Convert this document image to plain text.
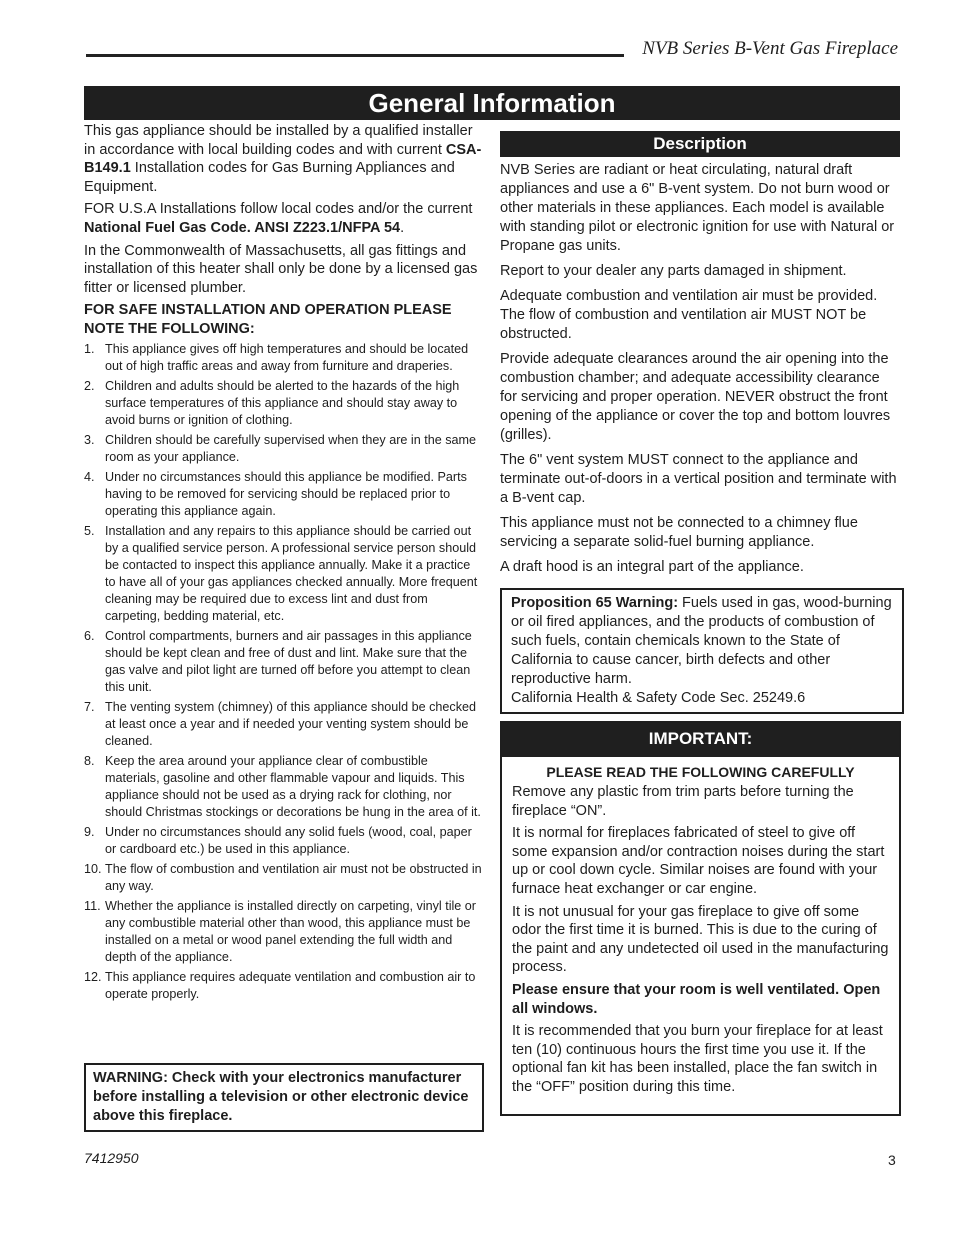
NVB Series B-Vent Gas Fireplace
General Information

This gas appliance should be installed by a qualified installer in accordance with local building codes and with current CSA-B149.1 Installation codes for Gas Burning Appliances and Equipment.

FOR U.S.A Installations follow local codes and/or the current National Fuel Gas Code. ANSI Z223.1/NFPA 54.

In the Commonwealth of Massachusetts, all gas fittings and installation of this heater shall only be done by a licensed gas fitter or licensed plumber.

FOR SAFE INSTALLATION AND OPERATION PLEASE NOTE THE FOLLOWING:

1. This appliance gives off high temperatures and should be located out of high traffic areas and away from furniture and draperies.
2. Children and adults should be alerted to the hazards of the high surface temperatures of this appliance and should stay away to avoid burns or ignition of clothing.
3. Children should be carefully supervised when they are in the same room as your appliance.
4. Under no circumstances should this appliance be modified. Parts having to be removed for servicing should be replaced prior to operating this appliance again.
5. Installation and any repairs to this appliance should be carried out by a qualified service person. A professional service person should be contacted to inspect this appliance annually. Make it a practice to have all of your gas appliances checked annually. More frequent cleaning may be required due to excess lint and dust from carpeting, bedding material, etc.
6. Control compartments, burners and air passages in this appliance should be kept clean and free of dust and lint. Make sure that the gas valve and pilot light are turned off before you attempt to clean this unit.
7. The venting system (chimney) of this appliance should be checked at least once a year and if needed your venting system should be cleaned.
8. Keep the area around your appliance clear of combustible materials, gasoline and other flammable vapour and liquids. This appliance should not be used as a drying rack for clothing, nor should Christmas stockings or decorations be hung in the area of it.
9. Under no circumstances should any solid fuels (wood, coal, paper or cardboard etc.) be used in this appliance.
10. The flow of combustion and ventilation air must not be obstructed in any way.
11. Whether the appliance is installed directly on carpeting, vinyl tile or any combustible material other than wood, this appliance must be installed on a metal or wood panel extending the full width and depth of the appliance.
12. This appliance requires adequate ventilation and combustion air to operate properly.
WARNING: Check with your electronics manufacturer before installing a television or other electronic device above this fireplace.
Description

NVB Series are radiant or heat circulating, natural draft appliances and use a 6" B-vent system. Do not burn wood or other materials in these appliances. Each model is available with standing pilot or electronic ignition for use with Natural or Propane gas units.

Report to your dealer any parts damaged in shipment.

Adequate combustion and ventilation air must be provided. The flow of combustion and ventilation air MUST NOT be obstructed.

Provide adequate clearances around the air opening into the combustion chamber; and adequate accessibility clearance for servicing and proper operation. NEVER obstruct the front opening of the appliance or cover the top and bottom louvres (grilles).

The 6" vent system MUST connect to the appliance and terminate out-of-doors in a vertical position and terminate with a B-vent cap.

This appliance must not be connected to a chimney flue servicing a separate solid-fuel burning appliance.

A draft hood is an integral part of the appliance.

Proposition 65 Warning: Fuels used in gas, wood-burning or oil fired appliances, and the products of combustion of such fuels, contain chemicals known to the State of California to cause cancer, birth defects and other reproductive harm.
California Health & Safety Code Sec. 25249.6
IMPORTANT:

PLEASE READ THE FOLLOWING CAREFULLY

Remove any plastic from trim parts before turning the fireplace “ON”.

It is normal for fireplaces fabricated of steel to give off some expansion and/or contraction noises during the start up or cool down cycle. Similar noises are found with your furnace heat exchanger or car engine.

It is not unusual for your gas fireplace to give off some odor the first time it is burned. This is due to the curing of the paint and any undetected oil used in the manufacturing process.

Please ensure that your room is well ventilated. Open all windows.

It is recommended that you burn your fireplace for at least ten (10) continuous hours the first time you use it. If the optional fan kit has been installed, place the fan switch in the “OFF” position during this time.

7412950	3
